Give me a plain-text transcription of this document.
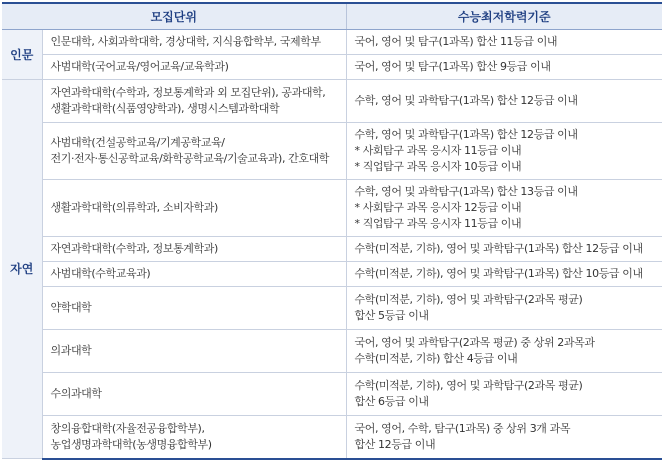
모집단위		수능최저학력기준
인문	인문대학, 사회과학대학, 경상대학, 지식융합학부, 국제학부	국어, 영어 및 탐구(1과목) 합산 11등급 이내

	사범대학(국어교육/영어교육/교육학과)	국어, 영어 및 탐구(1과목) 합산 9등급 이내

자연	자연과학대학(수학과, 정보통계학과 외 모집단위), 공과대학,
생활과학대학(식품영양학과), 생명시스템과학대학	수학, 영어 및 과학탐구(1과목) 합산 12등급 이내

	사범대학(건설공학교육/기계공학교육/
전기·전자·통신공학교육/화학공학교육/기술교육과), 간호대학	수학, 영어 및 과학탐구(1과목) 합산 12등급 이내
* 사회탐구 과목 응시자 11등급 이내
* 직업탐구 과목 응시자 10등급 이내

	생활과학대학(의류학과, 소비자학과)	수학, 영어 및 과학탐구(1과목) 합산 13등급 이내
* 사회탐구 과목 응시자 12등급 이내
* 직업탐구 과목 응시자 11등급 이내

	자연과학대학(수학과, 정보통계학과)	수학(미적분, 기하), 영어 및 과학탐구(1과목) 합산 12등급 이내

	사범대학(수학교육과)	수학(미적분, 기하), 영어 및 과학탐구(1과목) 합산 10등급 이내

	약학대학	수학(미적분, 기하), 영어 및 과학탐구(2과목 평균)
합산 5등급 이내

	의과대학	국어, 영어 및 과학탐구(2과목 평균) 중 상위 2과목과
수학(미적분, 기하) 합산 4등급 이내

	수의과대학	수학(미적분, 기하), 영어 및 과학탐구(2과목 평균)
합산 6등급 이내

	창의융합대학(자율전공융합학부),
농업생명과학대학(농생명융합학부)	국어, 영어, 수학, 탐구(1과목) 중 상위 3개 과목
합산 12등급 이내
